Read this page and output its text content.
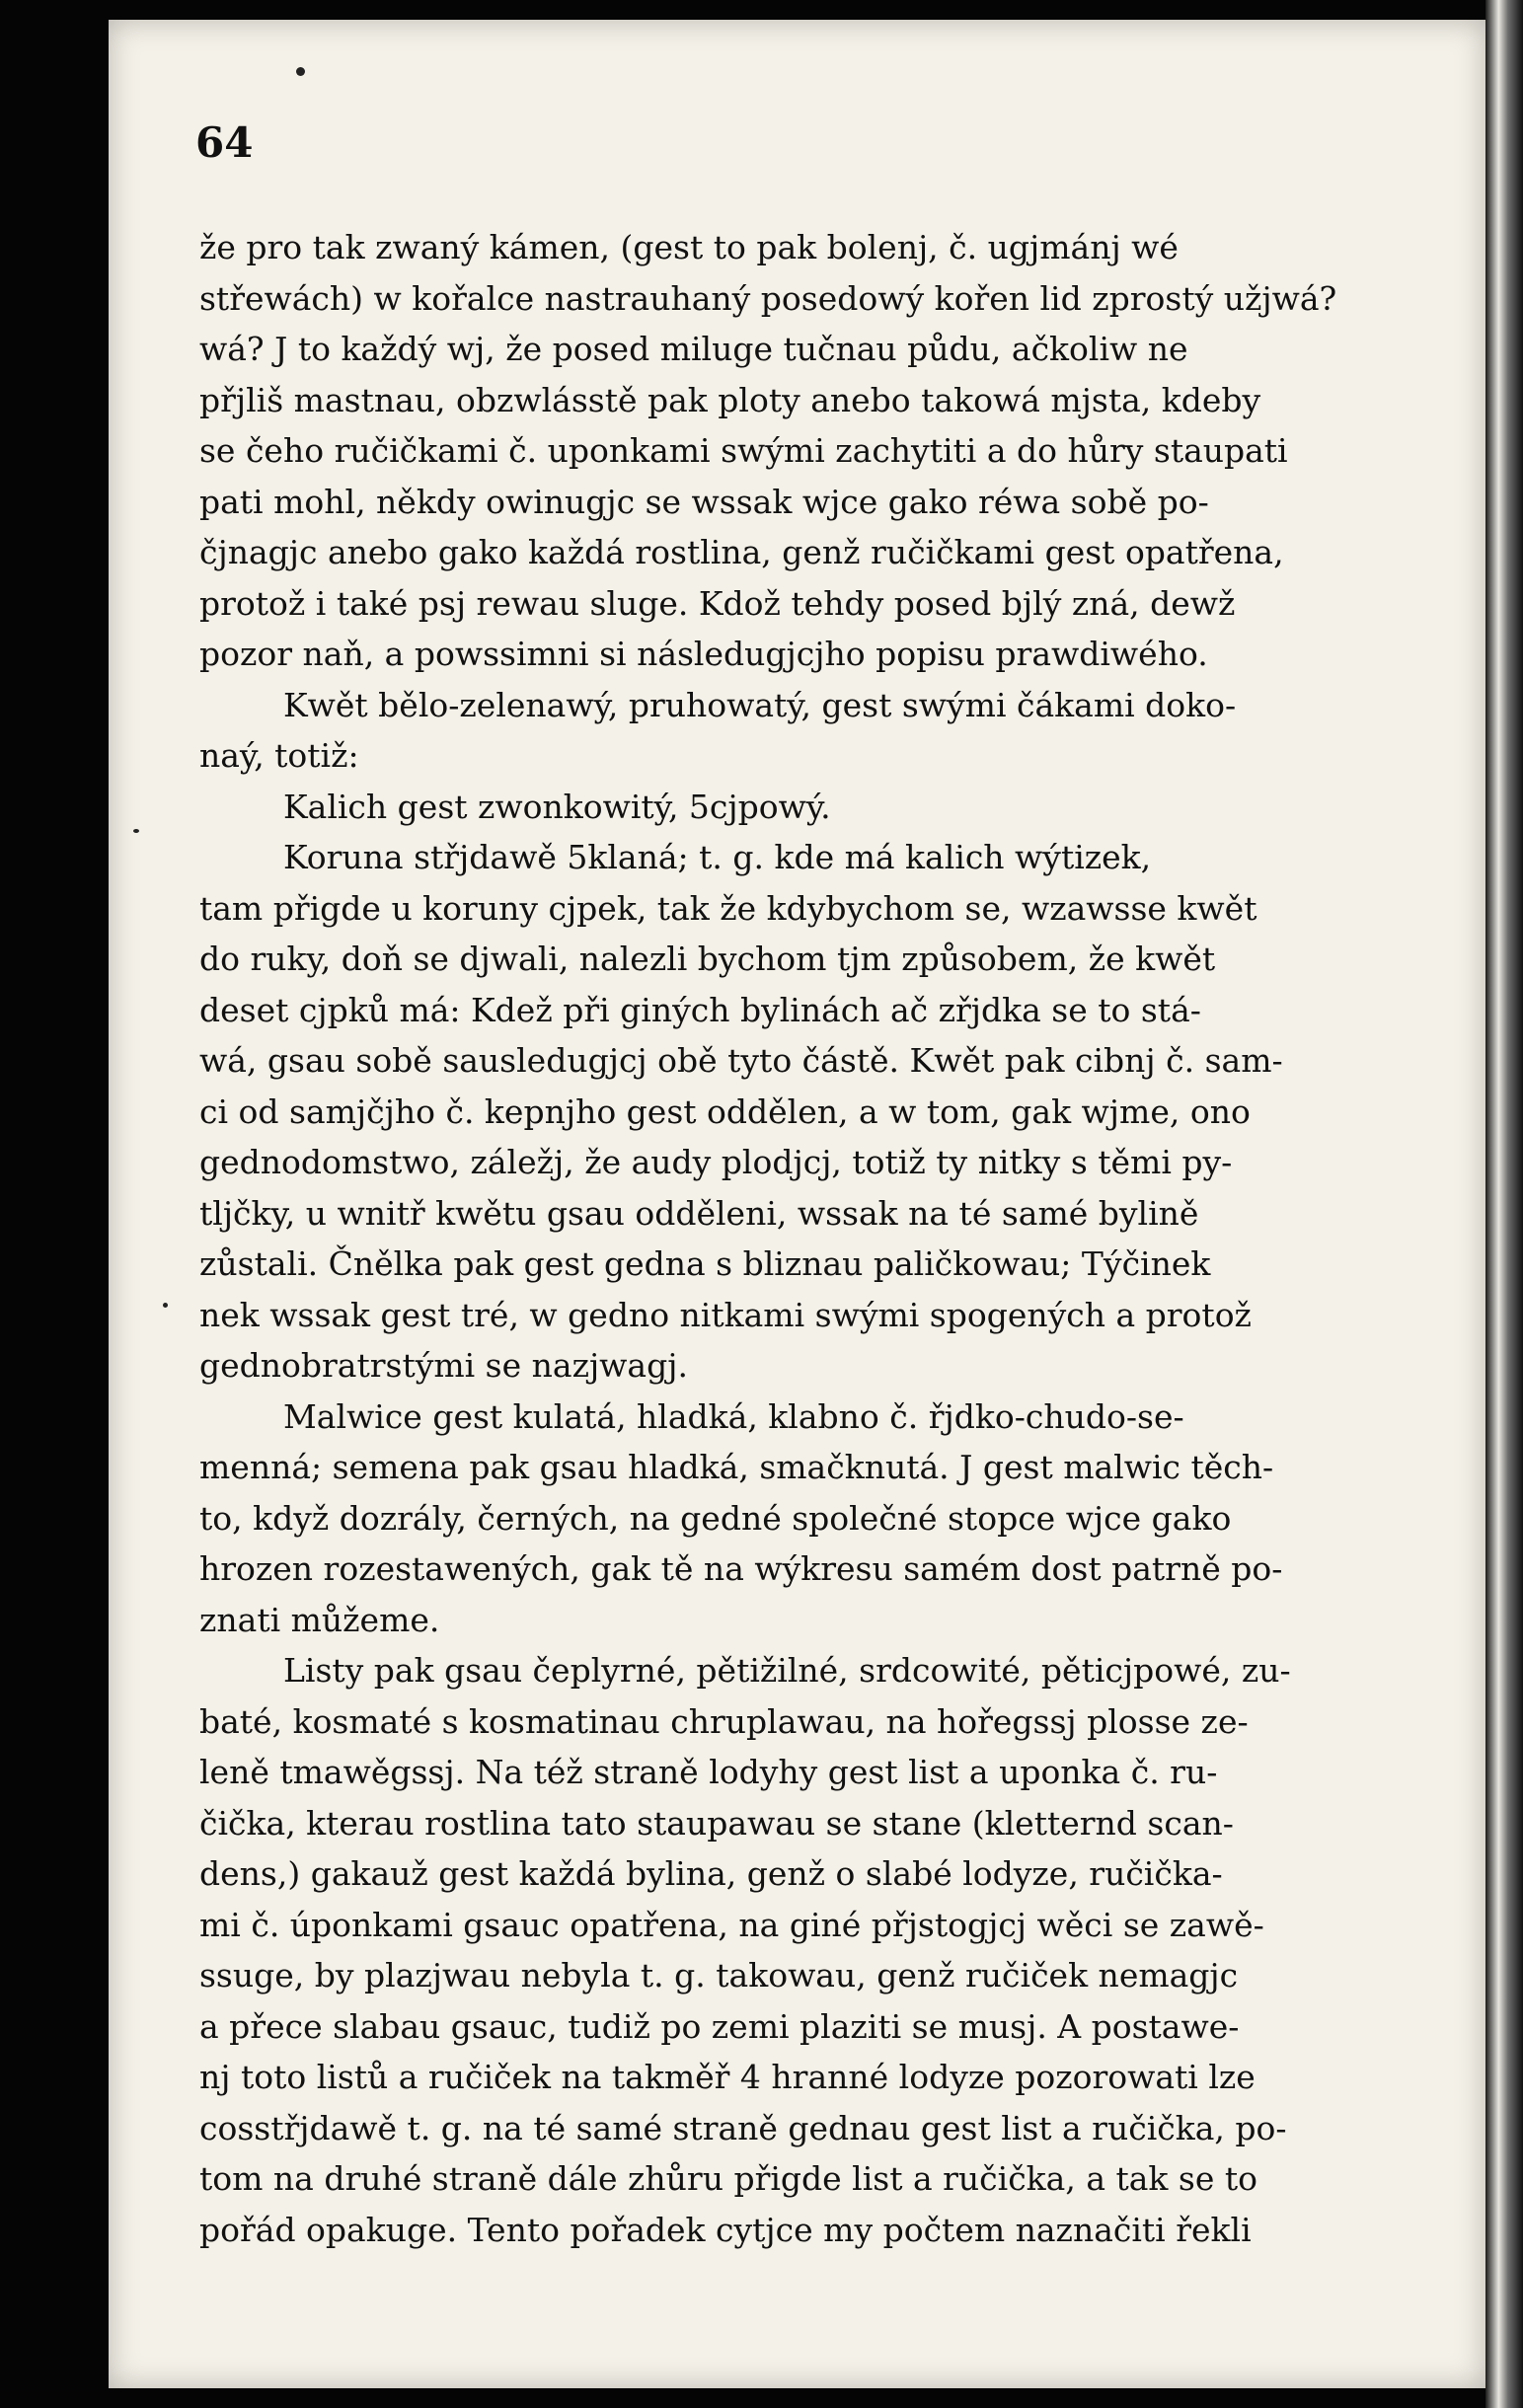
64
že pro tak zwaný kámen, (gest to pak bolenj, č. ugjmánj wé
střewách) w kořalce nastrauhaný posedowý kořen lid zprostý užjwá?
wá? J to každý wj, že posed miluge tučnau půdu, ačkoliw ne
přjliš mastnau, obzwlásstě pak ploty anebo takowá mjsta, kdeby
se čeho ručičkami č. uponkami swými zachytiti a do hůry staupati
pati mohl, někdy owinugjc se wssak wjce gako réwa sobě po-
čjnagjc anebo gako každá rostlina, genž ručičkami gest opatřena,
protož i také psj rewau sluge. Kdož tehdy posed bjlý zná, dewž
pozor naň, a powssimni si následugjcjho popisu prawdiwého.
Kwět bělo-zelenawý, pruhowatý, gest swými čákami doko-
naý, totiž:
Kalich gest zwonkowitý, 5cjpowý.
Koruna střjdawě 5klaná; t. g. kde má kalich wýtizek,
tam přigde u koruny cjpek, tak že kdybychom se, wzawsse kwět
do ruky, doň se djwali, nalezli bychom tjm způsobem, že kwět
deset cjpků má: Kdež při giných bylinách ač zřjdka se to stá-
wá, gsau sobě sausledugjcj obě tyto částě. Kwět pak cibnj č. sam-
ci od samjčjho č. kepnjho gest oddělen, a w tom, gak wjme, ono
gednodomstwo, záležj, že audy plodjcj, totiž ty nitky s těmi py-
tljčky, u wnitř kwětu gsau odděleni, wssak na té samé bylině
zůstali. Čnělka pak gest gedna s bliznau paličkowau; Týčinek
nek wssak gest tré, w gedno nitkami swými spogených a protož
gednobratrstými se nazjwagj.
Malwice gest kulatá, hladká, klabno č. řjdko-chudo-se-
menná; semena pak gsau hladká, smačknutá. J gest malwic těch-
to, když dozrály, černých, na gedné společné stopce wjce gako
hrozen rozestawených, gak tě na wýkresu samém dost patrně po-
znati můžeme.
Listy pak gsau čeplyrné, pětižilné, srdcowité, pěticjpowé, zu-
baté, kosmaté s kosmatinau chruplawau, na hořegssj plosse ze-
leně tmawěgssj. Na též straně lodyhy gest list a uponka č. ru-
čička, kterau rostlina tato staupawau se stane (kletternd scan-
dens,) gakauž gest každá bylina, genž o slabé lodyze, ručička-
mi č. úponkami gsauc opatřena, na giné přjstogjcj wěci se zawě-
ssuge, by plazjwau nebyla t. g. takowau, genž ručiček nemagjc
a přece slabau gsauc, tudiž po zemi plaziti se musj. A postawe-
nj toto listů a ručiček na takměř 4 hranné lodyze pozorowati lze
cosstřjdawě t. g. na té samé straně gednau gest list a ručička, po-
tom na druhé straně dále zhůru přigde list a ručička, a tak se to
pořád opakuge. Tento pořadek cytjce my počtem naznačiti řekli
